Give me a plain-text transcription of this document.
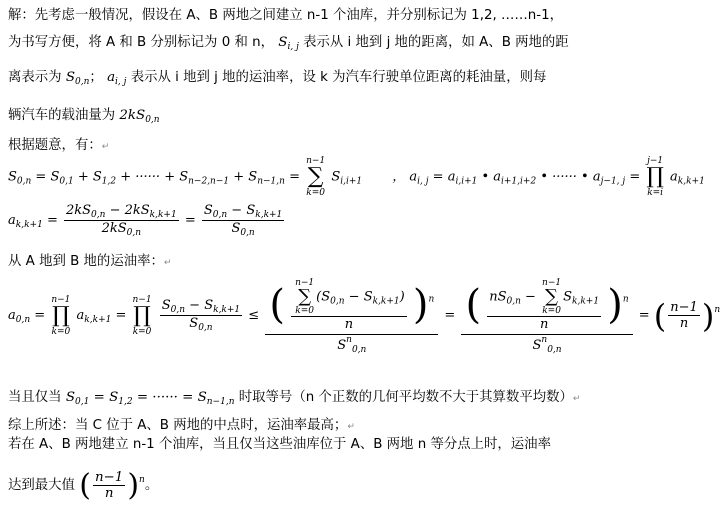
解：先考虑一般情况，假设在 A、B 两地之间建立 n-1 个油库，并分别标记为 1,2, ……n-1，
为书写方便，将 A 和 B 分别标记为 0 和 n， $S_{i, j}$ 表示从 i 地到 j 地的距离，如 A、B 两地的距
离表示为 $S_{0,n}$； $a_{i, j}$ 表示从 i 地到 j 地的运油率，设 k 为汽车行驶单位距离的耗油量，则每
辆汽车的载油量为 $2kS_{0,n}$
根据题意，有：↵
$S_{0,n} = S_{0,1} + S_{1,2}$ + ······ + $S_{n-2,n-1} + S_{n-1,n}$ =
n−1
∑
k=0
$S_{i,i+1}$ ， $a_{i, j} = a_{i,i+1}$ • $a_{i+1,i+2}$ • ······ • $a_{j-1, j}$ =
j−1
∏
k=i
$a_{k,k+1}$
$a_{k,k+1} = \frac{2kS_{0,n} - 2kS_{k,k+1}}{2kS_{0,n}} = \frac{S_{0,n} - S_{k,k+1}}{S_{0,n}}$
从 A 地到 B 地的运油率：↵
$a_{0,n}$ =
n−1
∏
k=0
$a_{k,k+1}$ =
n−1
∏
k=0
$\frac{S_{0,n} - S_{k,k+1}}{S_{0,n}}$ ≤ ( n−1
∑
k=0
$(S_{0,n} - S_{k,k+1})$
n )$^n$
$S^n_{0,n}$ = ( $nS_{0,n}$ −
n−1
∑
k=0
$S_{k,k+1}$
n )$^n$
$S^n_{0,n}$ = ( $\frac{n-1}{n} )^n$
当且仅当 $S_{0,1} = S_{1,2}$ = ······ = $S_{n-1,n}$ 时取等号（n 个正数的几何平均数不大于其算数平均数）↵
综上所述：当 C 位于 A、B 两地的中点时，运油率最高；↵
若在 A、B 两地建立 n-1 个油库，当且仅当这些油库位于 A、B 两地 n 等分点上时，运油率
达到最大值 ( $\frac{n-1}{n} )^n$。
